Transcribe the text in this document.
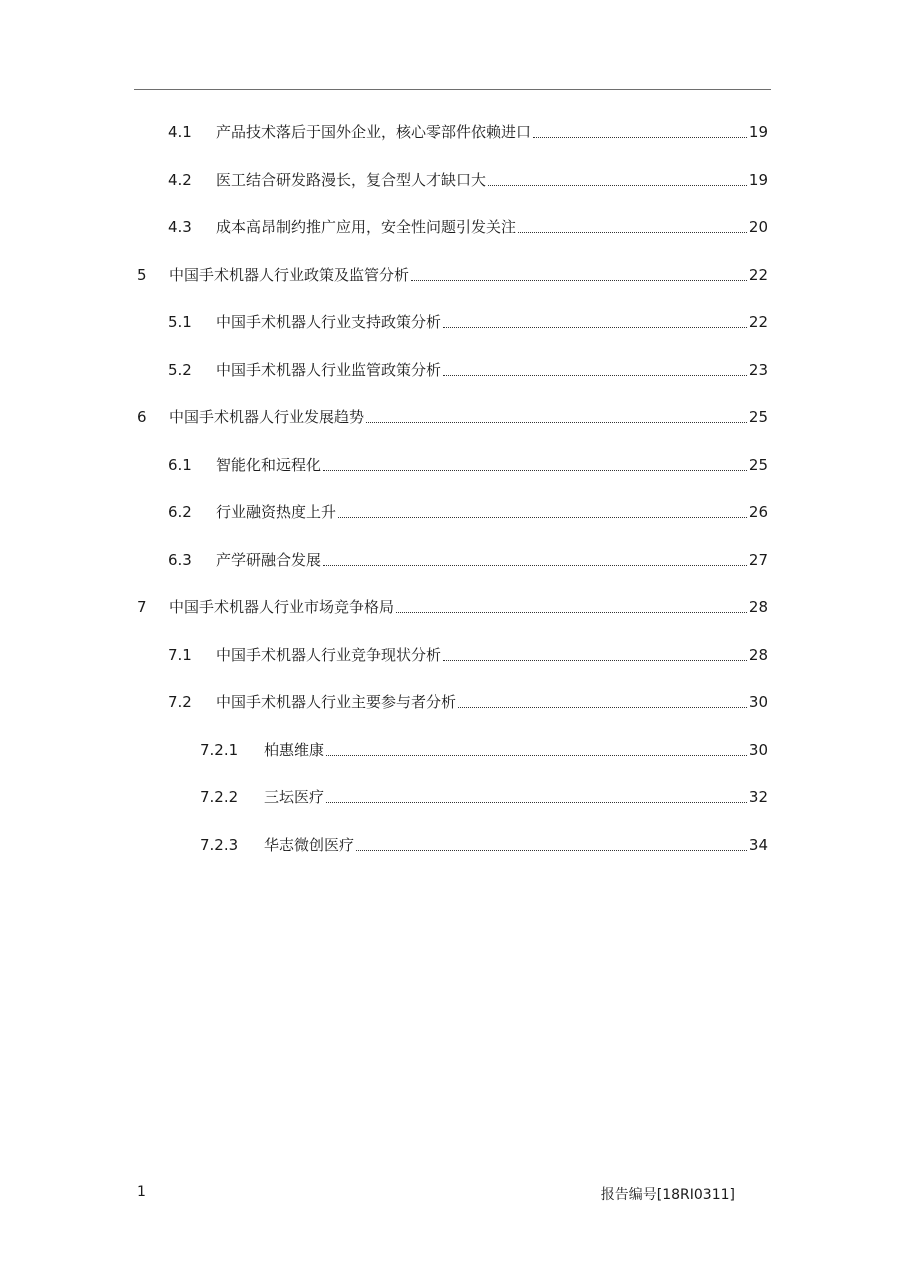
4.1 产品技术落后于国外企业，核心零部件依赖进口	19
4.2 医工结合研发路漫长，复合型人才缺口大	19
4.3 成本高昂制约推广应用，安全性问题引发关注	20
5 中国手术机器人行业政策及监管分析	22
5.1 中国手术机器人行业支持政策分析	22
5.2 中国手术机器人行业监管政策分析	23
6 中国手术机器人行业发展趋势	25
6.1 智能化和远程化	25
6.2 行业融资热度上升	26
6.3 产学研融合发展	27
7 中国手术机器人行业市场竞争格局	28
7.1 中国手术机器人行业竞争现状分析	28
7.2 中国手术机器人行业主要参与者分析	30
7.2.1 柏惠维康	30
7.2.2 三坛医疗	32
7.2.3 华志微创医疗	34
1	报告编号[18RI0311]
